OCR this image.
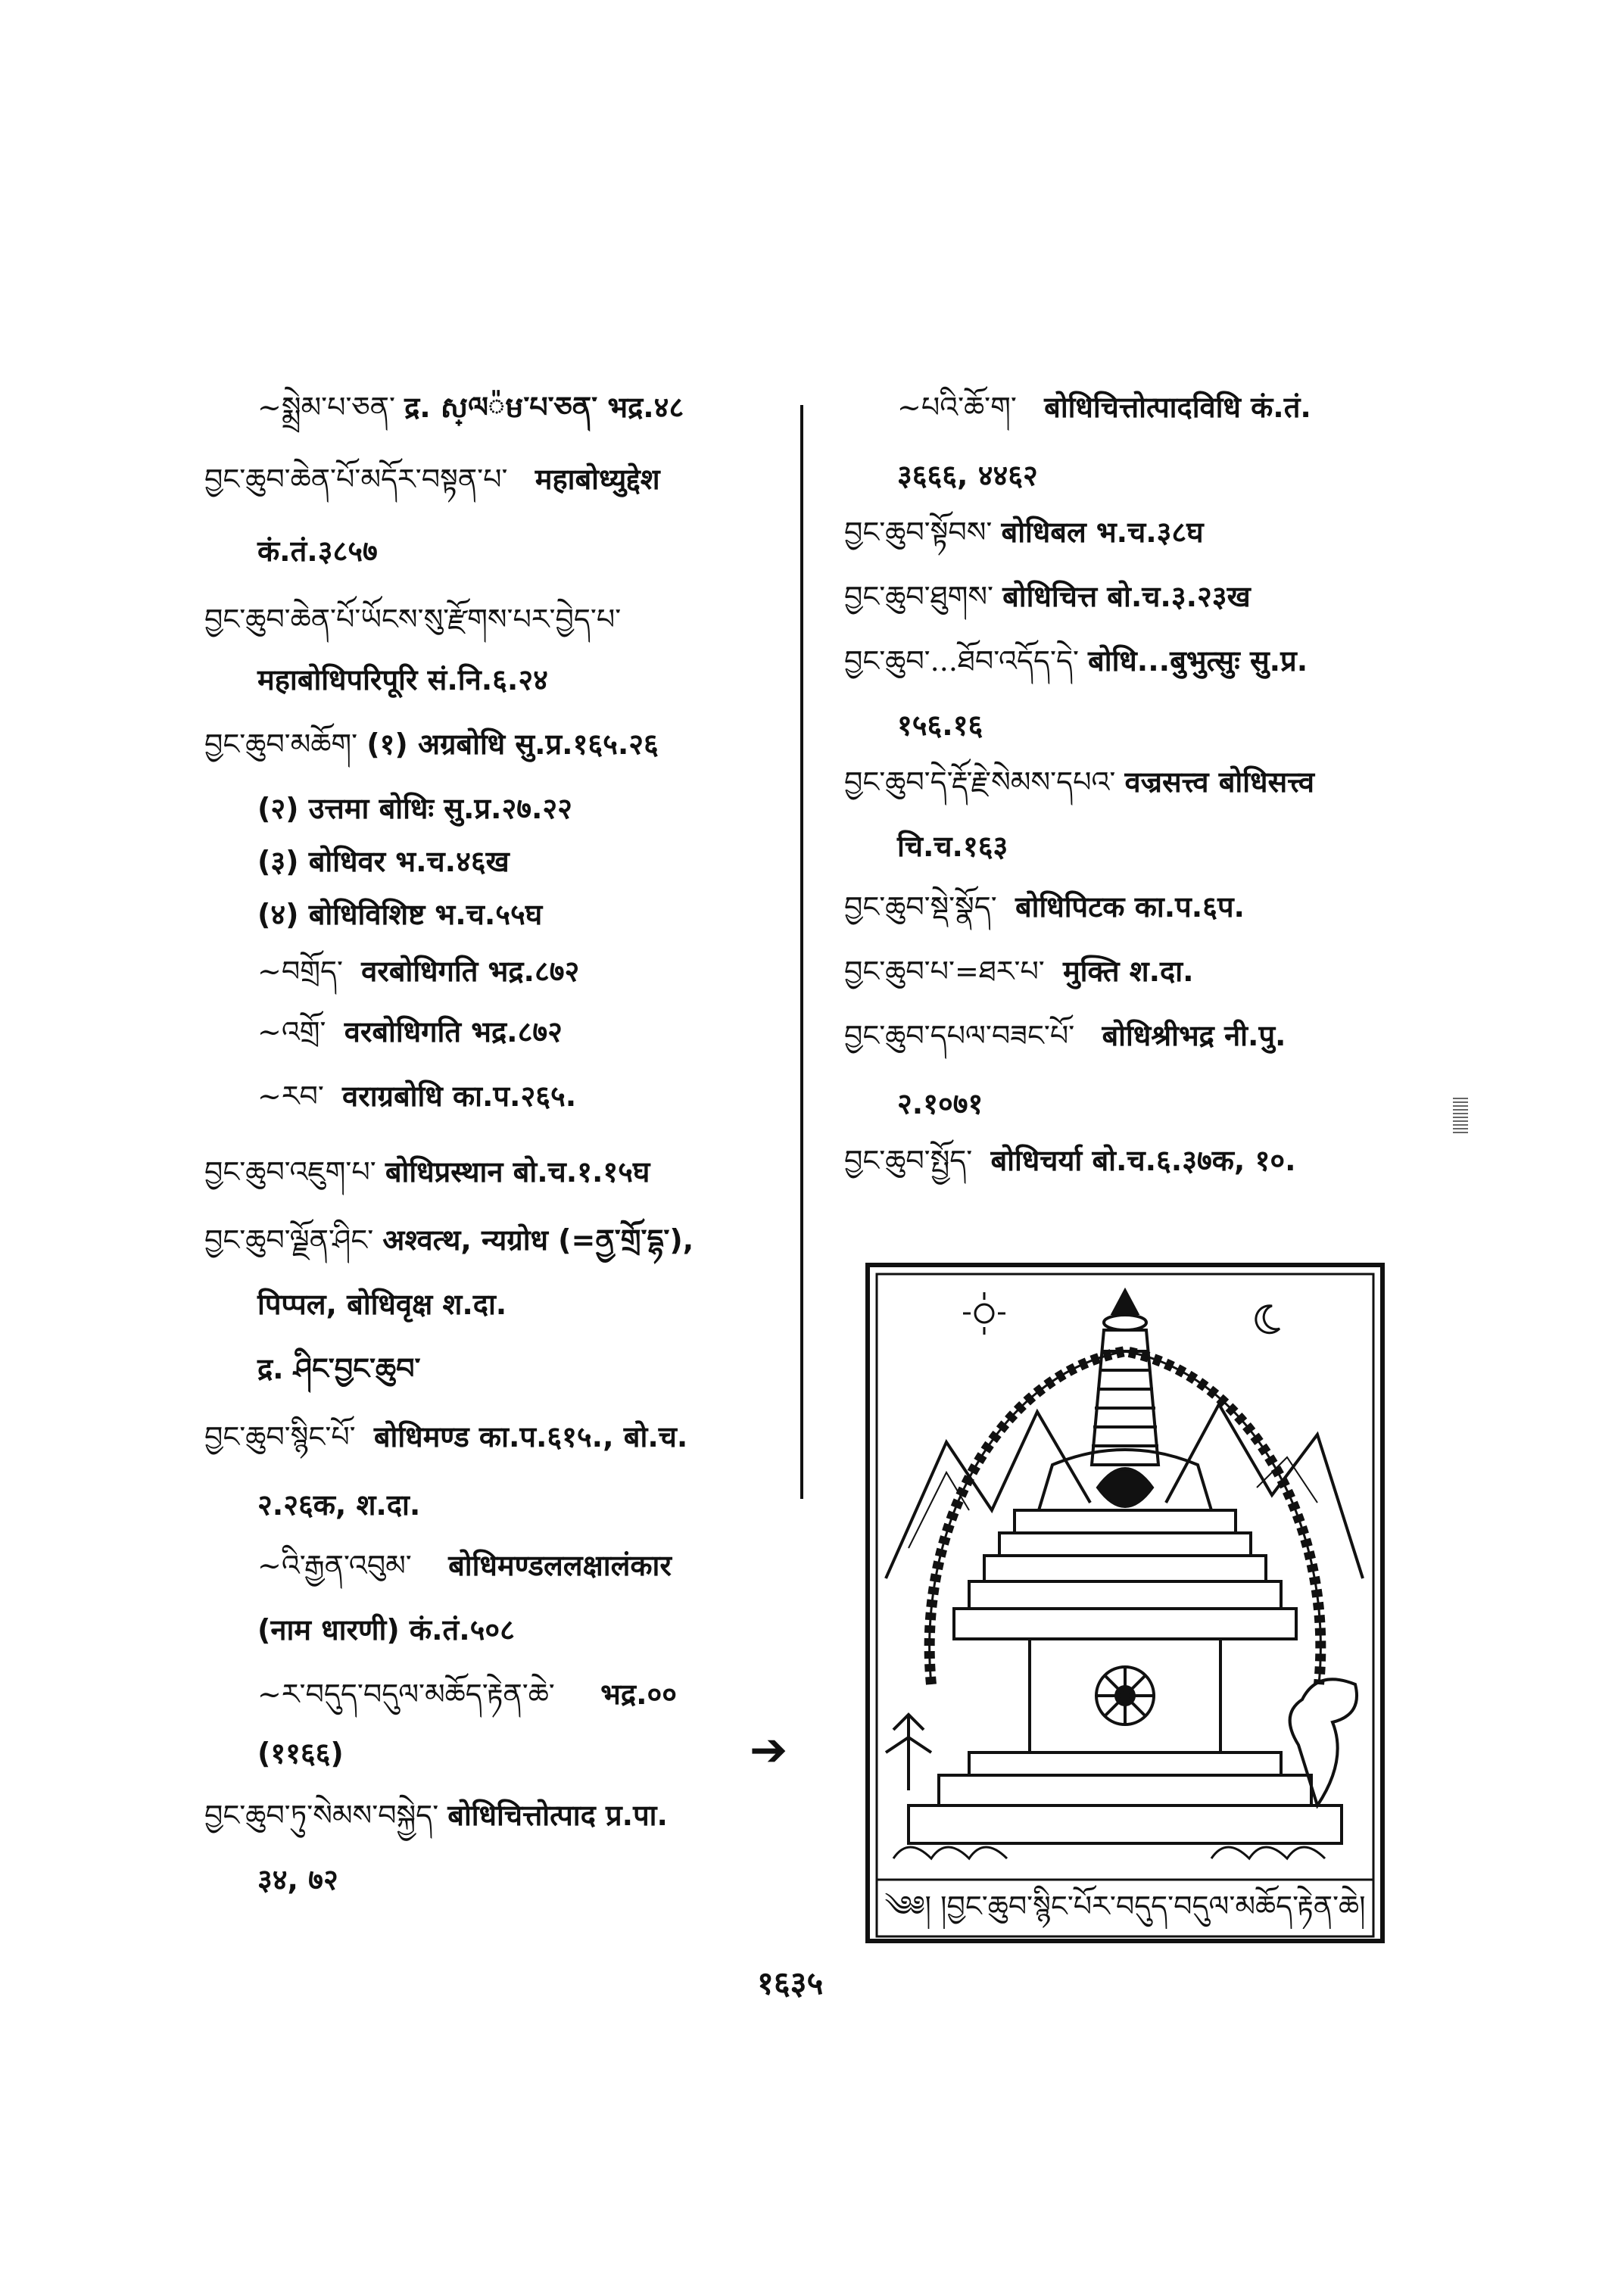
~སྨྲེམ་པ་ཅན་ द्र. ស្ལ៉ម་པ་ཅན་ भद्र.४८
བྱང་ཆུབ་ཆེན་པོ་མདོར་བསྟན་པ་ महाबोध्युद्देश
कं.तं.३८५७
བྱང་ཆུབ་ཆེན་པོ་ཡོངས་སུ་རྫོགས་པར་བྱེད་པ་
महाबोधिपरिपूरि सं.नि.६.२४
བྱང་ཆུབ་མཆོག་ (१) अग्रबोधि सु.प्र.१६५.२६
(२) उत्तमा बोधिः सु.प्र.२७.२२
(३) बोधिवर भ.च.४६ख
(४) बोधिविशिष्ट भ.च.५५घ
~བགྲོད་ वरबोधिगति भद्र.८७२
~འགྲོ་ वरबोधिगति भद्र.८७२
~རབ་ वराग्रबोधि का.प.२६५.
བྱང་ཆུབ་འཇུག་པ་ बोधिप्रस्थान बो.च.१.१५घ
བྱང་ཆུབ་ལྗོན་ཤིང་ अश्वत्थ, न्यग्रोध (=ནྱ་གྲོ་དྷ་),
पिप्पल, बोधिवृक्ष श.दा.
द्र. ཤིང་བྱང་ཆུབ་
བྱང་ཆུབ་སྙིང་པོ་ बोधिमण्ड का.प.६१५., बो.च.
२.२६क, श.दा.
~འི་རྒྱན་འབུམ་ बोधिमण्डललक्षालंकार
(नाम धारणी) कं.तं.५०८
~ར་བདུད་བདུལ་མཆོད་རྟེན་ཆེ་ भद्र.००
(११६६)
བྱང་ཆུབ་ཏུ་སེམས་བསྐྱེད་ बोधिचित्तोत्पाद प्र.पा.
३४, ७२
➔
~པའི་ཆོ་ག་ बोधिचित्तोत्पादविधि कं.तं.
३६६६, ४४६२
བྱང་ཆུབ་སྟོབས་ बोधिबल भ.च.३८घ
བྱང་ཆུབ་ཐུགས་ बोधिचित्त बो.च.३.२३ख
བྱང་ཆུབ་...ཐོབ་འདོད་དེ་ बोधि...बुभुत्सुः सु.प्र.
१५६.१६
བྱང་ཆུབ་དེ་རྡོ་རྗེ་སེམས་དཔའ་ वज्रसत्त्व बोधिसत्त्व
चि.च.१६३
བྱང་ཆུབ་སྡེ་སྣོད་ बोधिपिटक का.प.६प.
བྱང་ཆུབ་པ་=ཐར་པ་ मुक्ति श.दा.
བྱང་ཆུབ་དཔལ་བཟང་པོ་ बोधिश्रीभद्र नी.पु.
२.१०७१
བྱང་ཆུབ་སྤྱོད་ बोधिचर्या बो.च.६.३७क, १०.
༄༅། །བྱང་ཆུབ་སྙིང་པོར་བདུད་བདུལ་མཆོད་རྟེན་ཆེ།
१६३५
